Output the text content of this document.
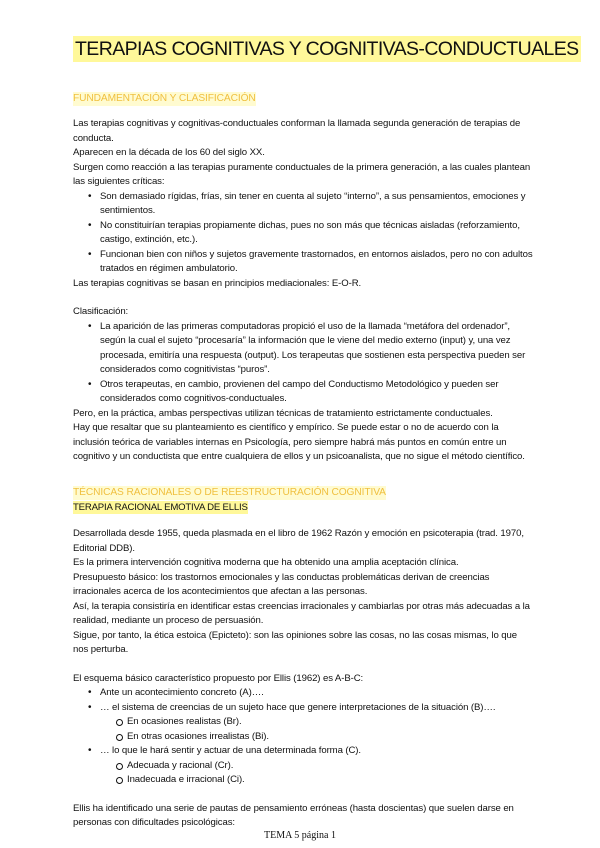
TERAPIAS COGNITIVAS Y COGNITIVAS-CONDUCTUALES
FUNDAMENTACIÓN Y CLASIFICACIÓN

Las terapias cognitivas y cognitivas-conductuales conforman la llamada segunda generación de terapias de conducta.

Aparecen en la década de los 60 del siglo XX.

Surgen como reacción a las terapias puramente conductuales de la primera generación, a las cuales plantean las siguientes críticas:

• Son demasiado rígidas, frías, sin tener en cuenta al sujeto “interno”, a sus pensamientos, emociones y sentimientos.
• No constituirían terapias propiamente dichas, pues no son más que técnicas aisladas (reforzamiento, castigo, extinción, etc.).
• Funcionan bien con niños y sujetos gravemente trastornados, en entornos aislados, pero no con adultos tratados en régimen ambulatorio.

Las terapias cognitivas se basan en principios mediacionales: E-O-R.

Clasificación:

• La aparición de las primeras computadoras propició el uso de la llamada “metáfora del ordenador”, según la cual el sujeto “procesaría” la información que le viene del medio externo (input) y, una vez procesada, emitiría una respuesta (output). Los terapeutas que sostienen esta perspectiva pueden ser considerados como cognitivistas “puros”.
• Otros terapeutas, en cambio, provienen del campo del Conductismo Metodológico y pueden ser considerados como cognitivos-conductuales.

Pero, en la práctica, ambas perspectivas utilizan técnicas de tratamiento estrictamente conductuales.

Hay que resaltar que su planteamiento es científico y empírico. Se puede estar o no de acuerdo con la inclusión teórica de variables internas en Psicología, pero siempre habrá más puntos en común entre un cognitivo y un conductista que entre cualquiera de ellos y un psicoanalista, que no sigue el método científico.

TÉCNICAS RACIONALES O DE REESTRUCTURACIÓN COGNITIVA
TERAPIA RACIONAL EMOTIVA DE ELLIS

Desarrollada desde 1955, queda plasmada en el libro de 1962 Razón y emoción en psicoterapia (trad. 1970, Editorial DDB).

Es la primera intervención cognitiva moderna que ha obtenido una amplia aceptación clínica.

Presupuesto básico: los trastornos emocionales y las conductas problemáticas derivan de creencias irracionales acerca de los acontecimientos que afectan a las personas.

Así, la terapia consistiría en identificar estas creencias irracionales y cambiarlas por otras más adecuadas a la realidad, mediante un proceso de persuasión.

Sigue, por tanto, la ética estoica (Epicteto): son las opiniones sobre las cosas, no las cosas mismas, lo que nos perturba.

El esquema básico característico propuesto por Ellis (1962) es A-B-C:

• Ante un acontecimiento concreto (A)….
• … el sistema de creencias de un sujeto hace que genere interpretaciones de la situación (B)….
En ocasiones realistas (Br).
En otras ocasiones irrealistas (Bi).
• … lo que le hará sentir y actuar de una determinada forma (C).
Adecuada y racional (Cr).
Inadecuada e irracional (Ci).

Ellis ha identificado una serie de pautas de pensamiento erróneas (hasta doscientas) que suelen darse en personas con dificultades psicológicas:

TEMA 5 página 1
